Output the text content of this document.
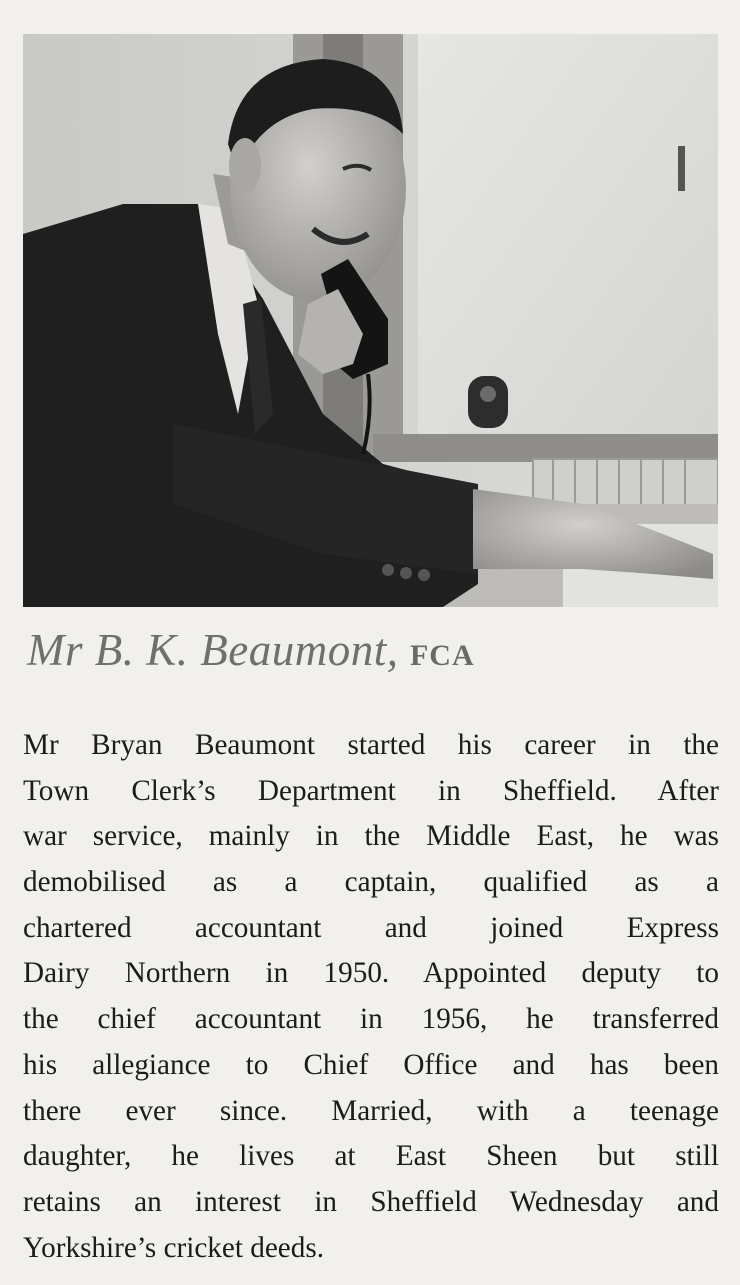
Mr B. K. Beaumont, FCA
Mr Bryan Beaumont started his career in the
Town Clerk’s Department in Sheffield. After
war service, mainly in the Middle East, he was
demobilised as a captain, qualified as a
chartered accountant and joined Express
Dairy Northern in 1950. Appointed deputy to
the chief accountant in 1956, he transferred
his allegiance to Chief Office and has been
there ever since. Married, with a teenage
daughter, he lives at East Sheen but still
retains an interest in Sheffield Wednesday and
Yorkshire’s cricket deeds.
